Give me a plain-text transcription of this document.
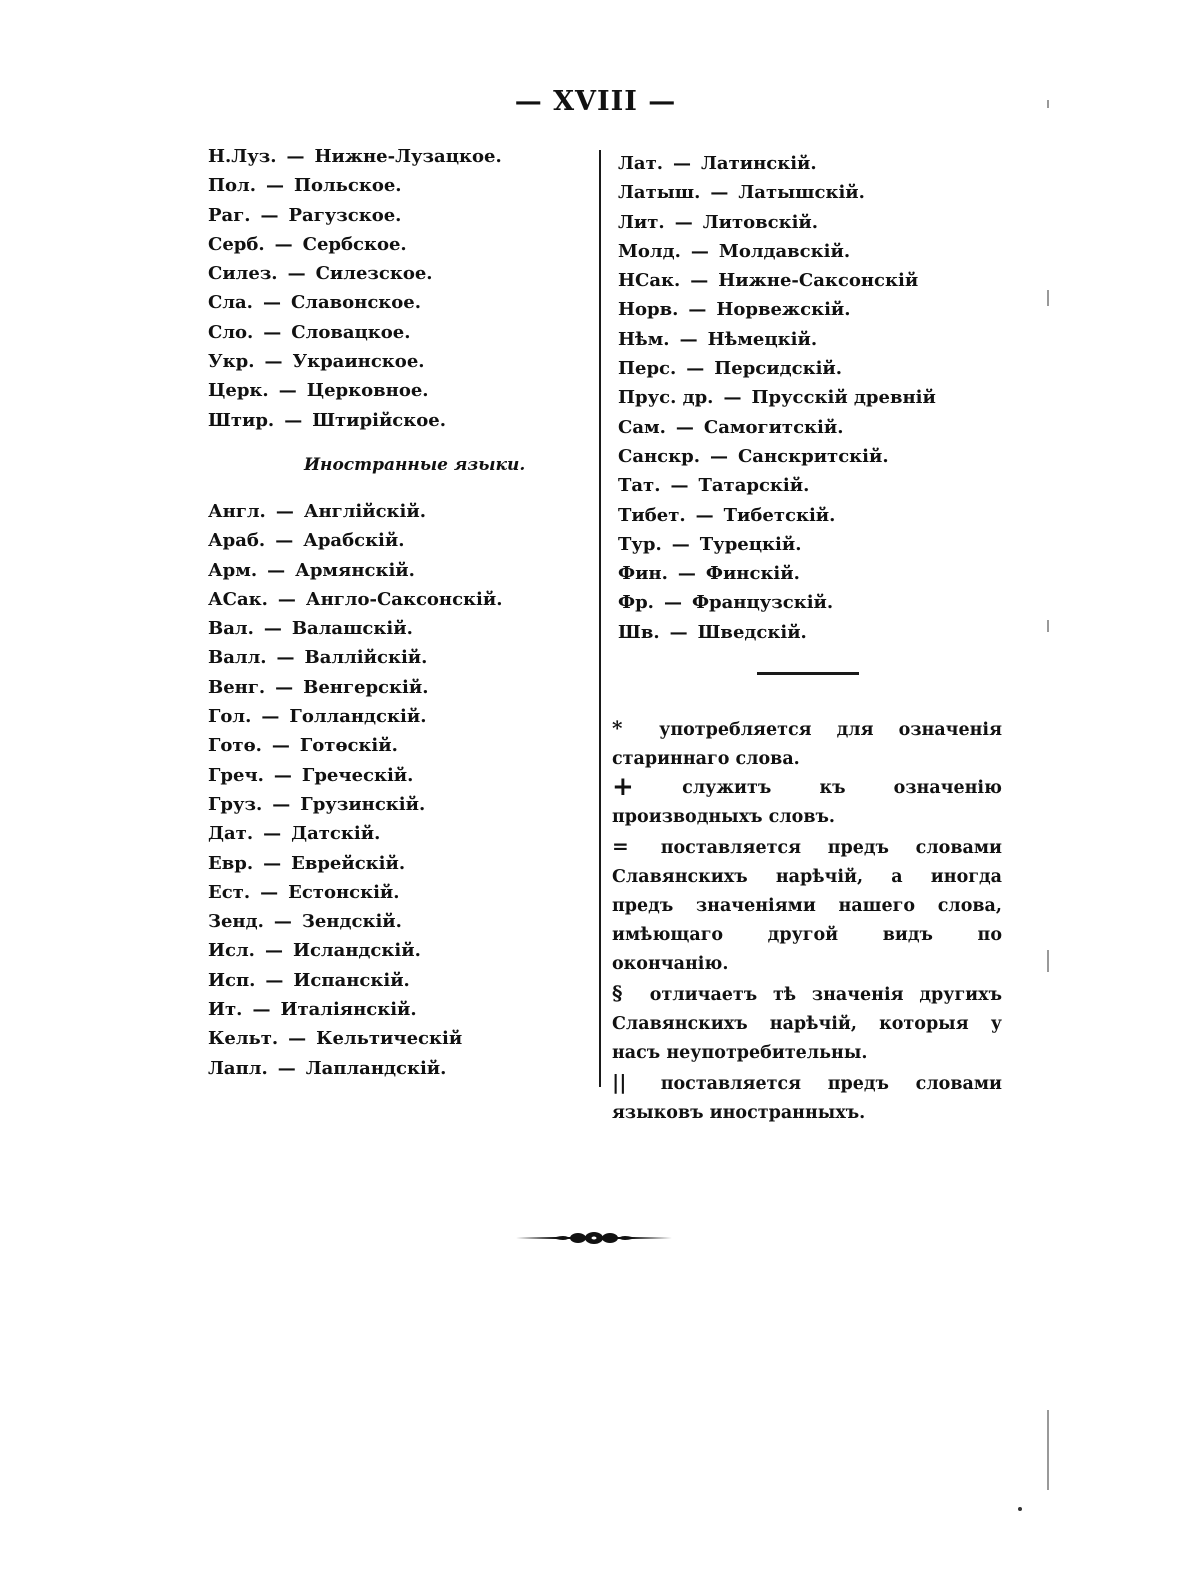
— XVIII —
Н.Луз. — Нижне-Лузацкое.
Пол. — Польское.
Раг. — Рагузское.
Серб. — Сербское.
Силез. — Силезское.
Сла. — Славонское.
Сло. — Словацкое.
Укр. — Украинское.
Церк. — Церковное.
Штир. — Штирійское.
Иностранные языки.
Англ. — Англійскій.
Араб. — Арабскій.
Арм. — Армянскій.
АСак. — Англо-Саксонскій.
Вал. — Валашскій.
Валл. — Валлійскій.
Венг. — Венгерскій.
Гол. — Голландскій.
Готө. — Готөскій.
Греч. — Греческій.
Груз. — Грузинскій.
Дат. — Датскій.
Евр. — Еврейскій.
Ест. — Естонскій.
Зенд. — Зендскій.
Исл. — Исландскій.
Исп. — Испанскій.
Ит. — Италіянскій.
Кельт. — Кельтическій
Лапл. — Лапландскій.
Лат. — Латинскій.
Латыш. — Латышскій.
Лит. — Литовскій.
Молд. — Молдавскій.
НСак. — Нижне-Саксонскій
Норв. — Норвежскій.
Нѣм. — Нѣмецкій.
Перс. — Персидскій.
Прус. др. — Прусскій древній
Сам. — Самогитскій.
Санскр. — Санскритскій.
Тат. — Татарскій.
Тибет. — Тибетскій.
Тур. — Турецкій.
Фин. — Финскій.
Фр. — Французскій.
Шв. — Шведскій.

* употребляется для означенія стариннаго слова.

+	служитъ къ означенію производныхъ словъ.

= поставляется предъ словами Славянскихъ нарѣчій, а иногда предъ значеніями нашего слова, имѣющаго другой видъ по окончанію.

§ отличаетъ тѣ значенія другихъ Славянскихъ нарѣчій, которыя у насъ неупотребительны.

|| поставляется предъ словами языковъ иностранныхъ.
